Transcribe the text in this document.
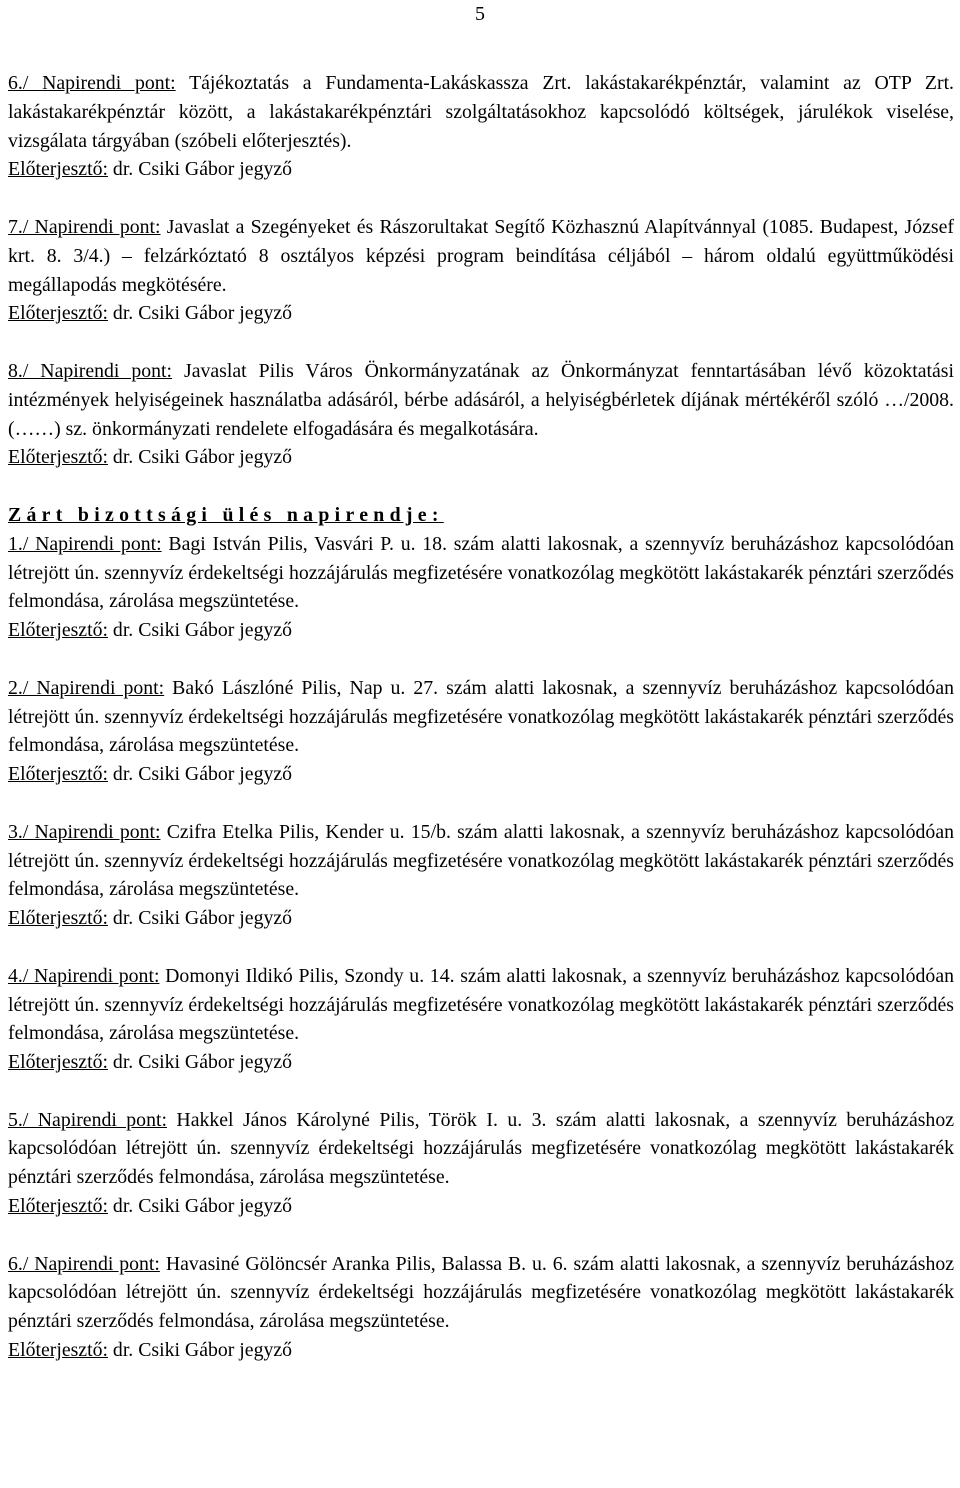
5

6./ Napirendi pont: Tájékoztatás a Fundamenta-Lakáskassza Zrt. lakástakarékpénztár, valamint az OTP Zrt. lakástakarékpénztár között, a lakástakarékpénztári szolgáltatásokhoz kapcsolódó költségek, járulékok viselése, vizsgálata tárgyában (szóbeli előterjesztés).

Előterjesztő: dr. Csiki Gábor jegyző

7./ Napirendi pont: Javaslat a Szegényeket és Rászorultakat Segítő Közhasznú Alapítvánnyal (1085. Budapest, József krt. 8. 3/4.) – felzárkóztató 8 osztályos képzési program beindítása céljából – három oldalú együttműködési megállapodás megkötésére.

Előterjesztő: dr. Csiki Gábor jegyző

8./ Napirendi pont: Javaslat Pilis Város Önkormányzatának az Önkormányzat fenntartásában lévő közoktatási intézmények helyiségeinek használatba adásáról, bérbe adásáról, a helyiségbérletek díjának mértékéről szóló …/2008. (……) sz. önkormányzati rendelete elfogadására és megalkotására.

Előterjesztő: dr. Csiki Gábor jegyző

Zárt bizottsági ülés napirendje:

1./ Napirendi pont: Bagi István Pilis, Vasvári P. u. 18. szám alatti lakosnak, a szennyvíz beruházáshoz kapcsolódóan létrejött ún. szennyvíz érdekeltségi hozzájárulás megfizetésére vonatkozólag megkötött lakástakarék pénztári szerződés felmondása, zárolása megszüntetése.

Előterjesztő: dr. Csiki Gábor jegyző

2./ Napirendi pont: Bakó Lászlóné Pilis, Nap u. 27. szám alatti lakosnak, a szennyvíz beruházáshoz kapcsolódóan létrejött ún. szennyvíz érdekeltségi hozzájárulás megfizetésére vonatkozólag megkötött lakástakarék pénztári szerződés felmondása, zárolása megszüntetése.

Előterjesztő: dr. Csiki Gábor jegyző

3./ Napirendi pont: Czifra Etelka Pilis, Kender u. 15/b. szám alatti lakosnak, a szennyvíz beruházáshoz kapcsolódóan létrejött ún. szennyvíz érdekeltségi hozzájárulás megfizetésére vonatkozólag megkötött lakástakarék pénztári szerződés felmondása, zárolása megszüntetése.

Előterjesztő: dr. Csiki Gábor jegyző

4./ Napirendi pont: Domonyi Ildikó Pilis, Szondy u. 14. szám alatti lakosnak, a szennyvíz beruházáshoz kapcsolódóan létrejött ún. szennyvíz érdekeltségi hozzájárulás megfizetésére vonatkozólag megkötött lakástakarék pénztári szerződés felmondása, zárolása megszüntetése.

Előterjesztő: dr. Csiki Gábor jegyző

5./ Napirendi pont: Hakkel János Károlyné Pilis, Török I. u. 3. szám alatti lakosnak, a szennyvíz beruházáshoz kapcsolódóan létrejött ún. szennyvíz érdekeltségi hozzájárulás megfizetésére vonatkozólag megkötött lakástakarék pénztári szerződés felmondása, zárolása megszüntetése.

Előterjesztő: dr. Csiki Gábor jegyző

6./ Napirendi pont: Havasiné Gölöncsér Aranka Pilis, Balassa B. u. 6. szám alatti lakosnak, a szennyvíz beruházáshoz kapcsolódóan létrejött ún. szennyvíz érdekeltségi hozzájárulás megfizetésére vonatkozólag megkötött lakástakarék pénztári szerződés felmondása, zárolása megszüntetése.

Előterjesztő: dr. Csiki Gábor jegyző
